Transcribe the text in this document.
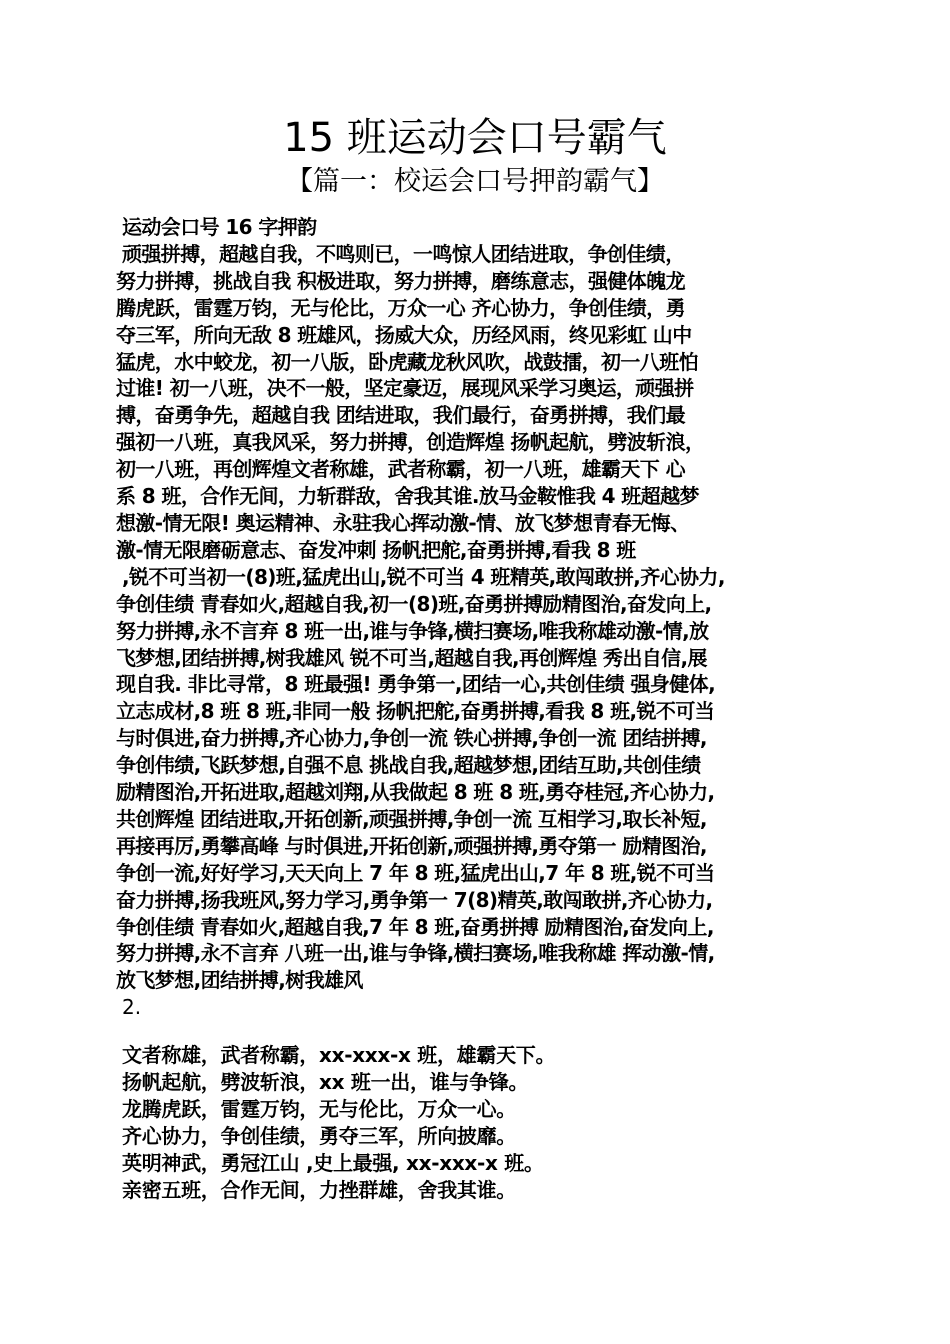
15 班运动会口号霸气
【篇一：校运会口号押韵霸气】
运动会口号 16 字押韵
顽强拼搏，超越自我，不鸣则已，一鸣惊人团结进取，争创佳绩，
努力拼搏，挑战自我 积极进取，努力拼搏，磨练意志，强健体魄龙
腾虎跃，雷霆万钧，无与伦比，万众一心 齐心协力，争创佳绩，勇
夺三军，所向无敌 8 班雄风，扬威大众，历经风雨，终见彩虹 山中
猛虎，水中蛟龙，初一八版，卧虎藏龙秋风吹，战鼓擂，初一八班怕
过谁! 初一八班，决不一般，坚定豪迈，展现风采学习奥运，顽强拼
搏，奋勇争先，超越自我 团结进取，我们最行，奋勇拼搏，我们最
强初一八班，真我风采，努力拼搏，创造辉煌 扬帆起航，劈波斩浪，
初一八班，再创辉煌文者称雄，武者称霸，初一八班，雄霸天下 心
系 8 班，合作无间，力斩群敌，舍我其谁.放马金鞍惟我 4 班超越梦
想激-情无限! 奥运精神、永驻我心挥动激-情、放飞梦想青春无悔、
激-情无限磨砺意志、奋发冲刺 扬帆把舵,奋勇拼搏,看我 8 班
,锐不可当初一(8)班,猛虎出山,锐不可当 4 班精英,敢闯敢拼,齐心协力,
争创佳绩 青春如火,超越自我,初一(8)班,奋勇拼搏励精图治,奋发向上,
努力拼搏,永不言弃 8 班一出,谁与争锋,横扫赛场,唯我称雄动激-情,放
飞梦想,团结拼搏,树我雄风 锐不可当,超越自我,再创辉煌 秀出自信,展
现自我. 非比寻常，8 班最强! 勇争第一,团结一心,共创佳绩 强身健体,
立志成材,8 班 8 班,非同一般 扬帆把舵,奋勇拼搏,看我 8 班,锐不可当
与时俱进,奋力拼搏,齐心协力,争创一流 铁心拼搏,争创一流 团结拼搏,
争创伟绩,飞跃梦想,自强不息 挑战自我,超越梦想,团结互助,共创佳绩
励精图治,开拓进取,超越刘翔,从我做起 8 班 8 班,勇夺桂冠,齐心协力,
共创辉煌 团结进取,开拓创新,顽强拼搏,争创一流 互相学习,取长补短,
再接再厉,勇攀高峰 与时俱进,开拓创新,顽强拼搏,勇夺第一 励精图治,
争创一流,好好学习,天天向上 7 年 8 班,猛虎出山,7 年 8 班,锐不可当
奋力拼搏,扬我班风,努力学习,勇争第一 7(8)精英,敢闯敢拼,齐心协力,
争创佳绩 青春如火,超越自我,7 年 8 班,奋勇拼搏 励精图治,奋发向上,
努力拼搏,永不言弃 八班一出,谁与争锋,横扫赛场,唯我称雄 挥动激-情,
放飞梦想,团结拼搏,树我雄风
2.
文者称雄，武者称霸，xx-xxx-x 班，雄霸天下。
扬帆起航，劈波斩浪，xx 班一出，谁与争锋。
龙腾虎跃，雷霆万钧，无与伦比，万众一心。
齐心协力，争创佳绩，勇夺三军，所向披靡。
英明神武，勇冠江山 ,史上最强, xx-xxx-x 班。
亲密五班，合作无间，力挫群雄，舍我其谁。
